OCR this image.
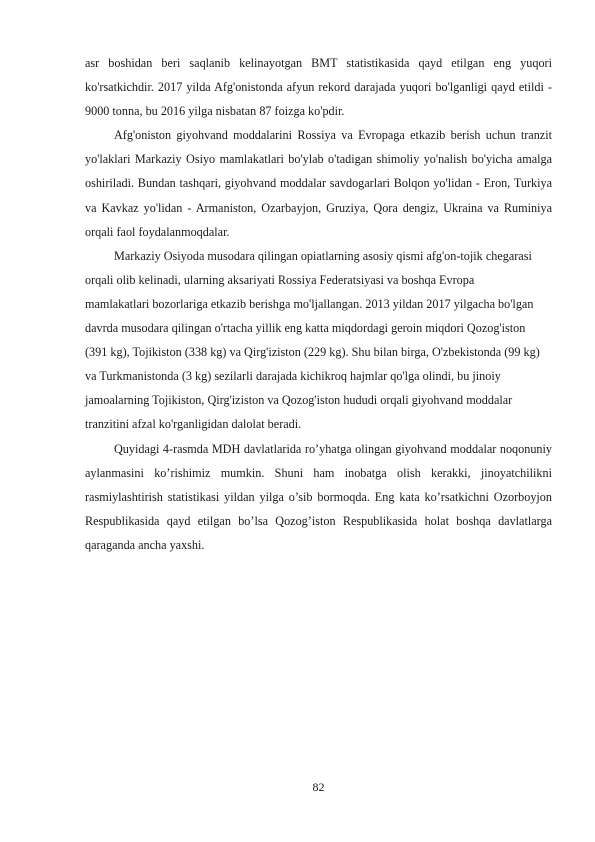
asr boshidan beri saqlanib kelinayotgan BMT statistikasida qayd etilgan eng yuqori ko'rsatkichdir. 2017 yilda Afg'onistonda afyun rekord darajada yuqori bo'lganligi qayd etildi - 9000 tonna, bu 2016 yilga nisbatan 87 foizga ko'pdir.

Afg'oniston giyohvand moddalarini Rossiya va Evropaga etkazib berish uchun tranzit yo'laklari Markaziy Osiyo mamlakatlari bo'ylab o'tadigan shimoliy yo'nalish bo'yicha amalga oshiriladi. Bundan tashqari, giyohvand moddalar savdogarlari Bolqon yo'lidan - Eron, Turkiya va Kavkaz yo'lidan - Armaniston, Ozarbayjon, Gruziya, Qora dengiz, Ukraina va Ruminiya orqali faol foydalanmoqdalar.

Markaziy Osiyoda musodara qilingan opiatlarning asosiy qismi afg'on-tojik chegarasi orqali olib kelinadi, ularning aksariyati Rossiya Federatsiyasi va boshqa Evropa mamlakatlari bozorlariga etkazib berishga mo'ljallangan. 2013 yildan 2017 yilgacha bo'lgan davrda musodara qilingan o'rtacha yillik eng katta miqdordagi geroin miqdori Qozog'iston (391 kg), Tojikiston (338 kg) va Qirg'iziston (229 kg). Shu bilan birga, O'zbekistonda (99 kg) va Turkmanistonda (3 kg) sezilarli darajada kichikroq hajmlar qo'lga olindi, bu jinoiy jamoalarning Tojikiston, Qirg'iziston va Qozog'iston hududi orqali giyohvand moddalar tranzitini afzal ko'rganligidan dalolat beradi.

Quyidagi 4-rasmda MDH davlatlarida ro’yhatga olingan giyohvand moddalar noqonuniy aylanmasini ko’rishimiz mumkin. Shuni ham inobatga olish kerakki, jinoyatchilikni rasmiylashtirish statistikasi yildan yilga o’sib bormoqda. Eng kata ko’rsatkichni Ozorboyjon Respublikasida qayd etilgan bo’lsa Qozog’iston Respublikasida holat boshqa davlatlarga qaraganda ancha yaxshi.

82
